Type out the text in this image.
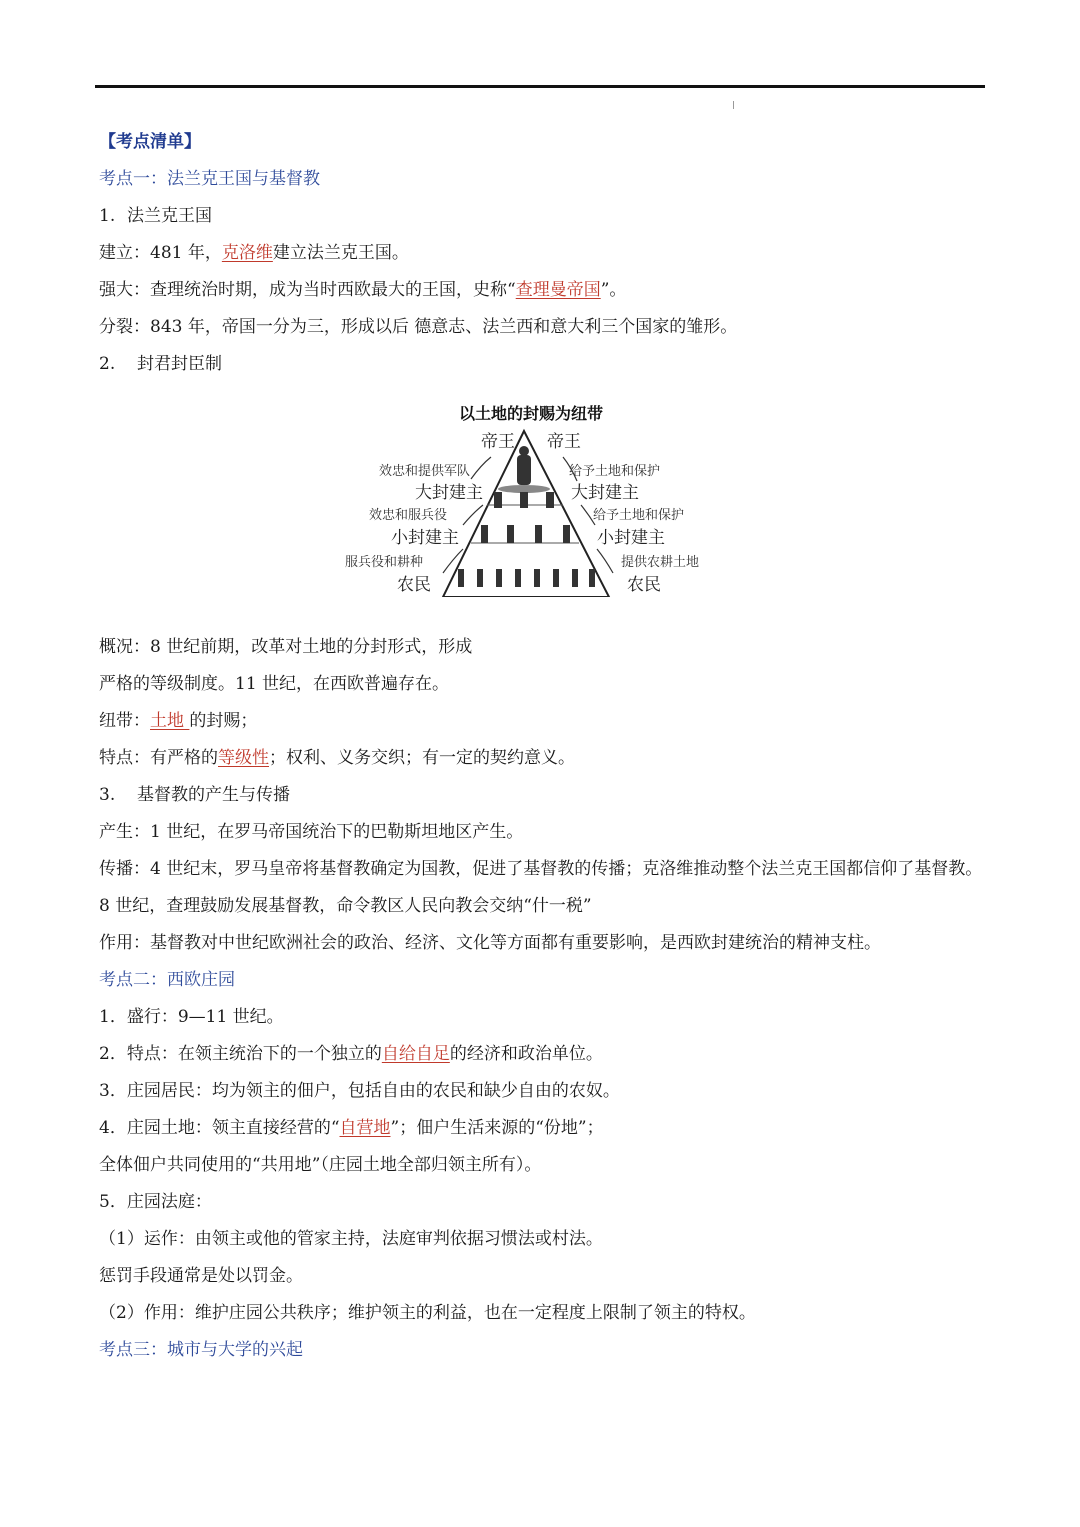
【考点清单】
考点一：法兰克王国与基督教
1. 法兰克王国
建立：481 年，克洛维建立法兰克王国。
强大：查理统治时期，成为当时西欧最大的王国，史称“查理曼帝国”。
分裂：843 年，帝国一分为三，形成以后 德意志、法兰西和意大利三个国家的雏形。
2. 封君封臣制
以土地的封赐为纽带
帝王 帝王
大封建主	大封建主
小封建主	小封建主
农民	农民
效忠和提供军队	给予土地和保护
效忠和服兵役	给予土地和保护
服兵役和耕种	提供农耕土地
概况：8 世纪前期，改革对土地的分封形式，形成
严格的等级制度。11 世纪，在西欧普遍存在。
纽带：土地 的封赐；
特点：有严格的等级性；权利、义务交织；有一定的契约意义。
3. 基督教的产生与传播
产生：1 世纪，在罗马帝国统治下的巴勒斯坦地区产生。
传播：4 世纪末，罗马皇帝将基督教确定为国教，促进了基督教的传播；克洛维推动整个法兰克王国都信仰了基督教。
8 世纪，查理鼓励发展基督教，命令教区人民向教会交纳“什一税”
作用：基督教对中世纪欧洲社会的政治、经济、文化等方面都有重要影响，是西欧封建统治的精神支柱。
考点二：西欧庄园
1．盛行：9—11 世纪。
2．特点：在领主统治下的一个独立的自给自足的经济和政治单位。
3．庄园居民：均为领主的佃户，包括自由的农民和缺少自由的农奴。
4．庄园土地：领主直接经营的“自营地”；佃户生活来源的“份地”；
全体佃户共同使用的“共用地”（庄园土地全部归领主所有）。
5．庄园法庭：
（1）运作：由领主或他的管家主持，法庭审判依据习惯法或村法。
惩罚手段通常是处以罚金。
（2）作用：维护庄园公共秩序；维护领主的利益，也在一定程度上限制了领主的特权。
考点三：城市与大学的兴起
